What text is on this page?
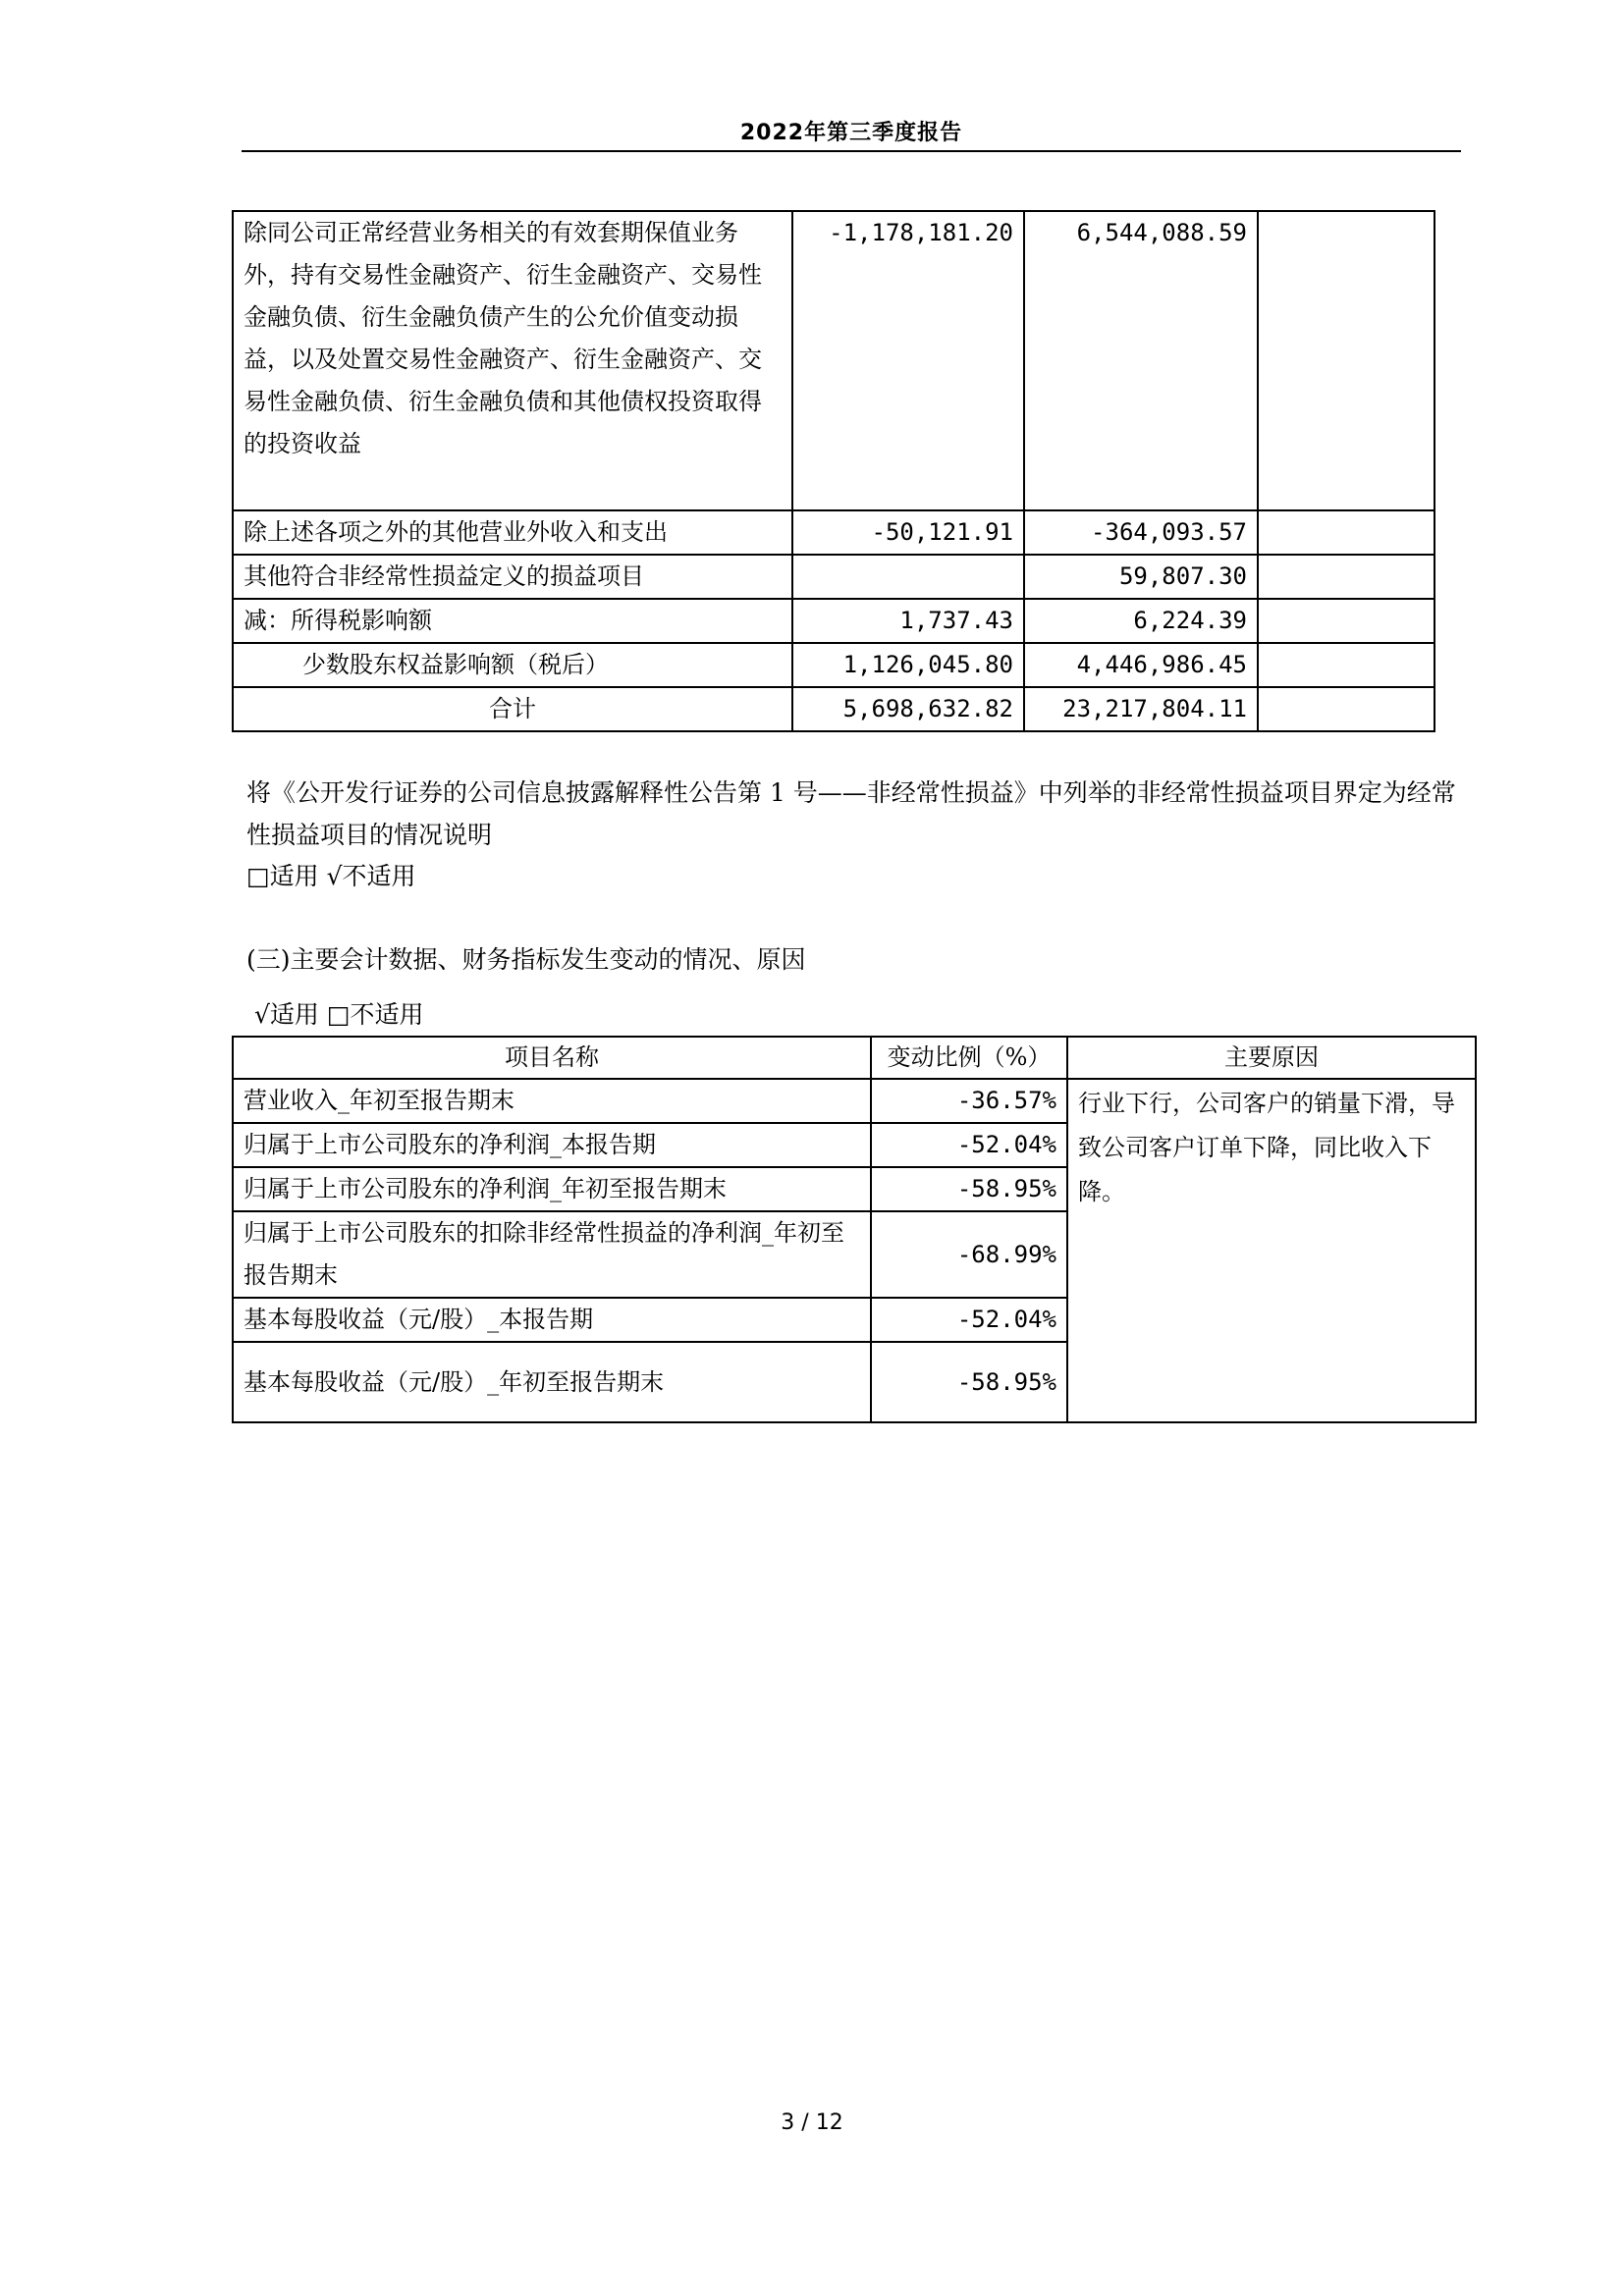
2022年第三季度报告
除同公司正常经营业务相关的有效套期保值业务外，持有交易性金融资产、衍生金融资产、交易性金融负债、衍生金融负债产生的公允价值变动损益，以及处置交易性金融资产、衍生金融资产、交易性金融负债、衍生金融负债和其他债权投资取得的投资收益	-1,178,181.20	6,544,088.59	
除上述各项之外的其他营业外收入和支出	-50,121.91	-364,093.57	
其他符合非经常性损益定义的损益项目		59,807.30	
减：所得税影响额	1,737.43	6,224.39	
少数股东权益影响额（税后）	1,126,045.80	4,446,986.45	
合计	5,698,632.82	23,217,804.11	
将《公开发行证券的公司信息披露解释性公告第 1 号——非经常性损益》中列举的非经常性损益项目界定为经常性损益项目的情况说明
□适用 √不适用
(三)主要会计数据、财务指标发生变动的情况、原因
√适用 □不适用
项目名称	变动比例（%）	主要原因
营业收入_年初至报告期末	-36.57%	行业下行，公司客户的销量下滑，导致公司客户订单下降，同比收入下降。
归属于上市公司股东的净利润_本报告期	-52.04%	
归属于上市公司股东的净利润_年初至报告期末	-58.95%	
归属于上市公司股东的扣除非经常性损益的净利润_年初至报告期末	-68.99%	
基本每股收益（元/股）_本报告期	-52.04%	
基本每股收益（元/股）_年初至报告期末	-58.95%	
3 / 12
